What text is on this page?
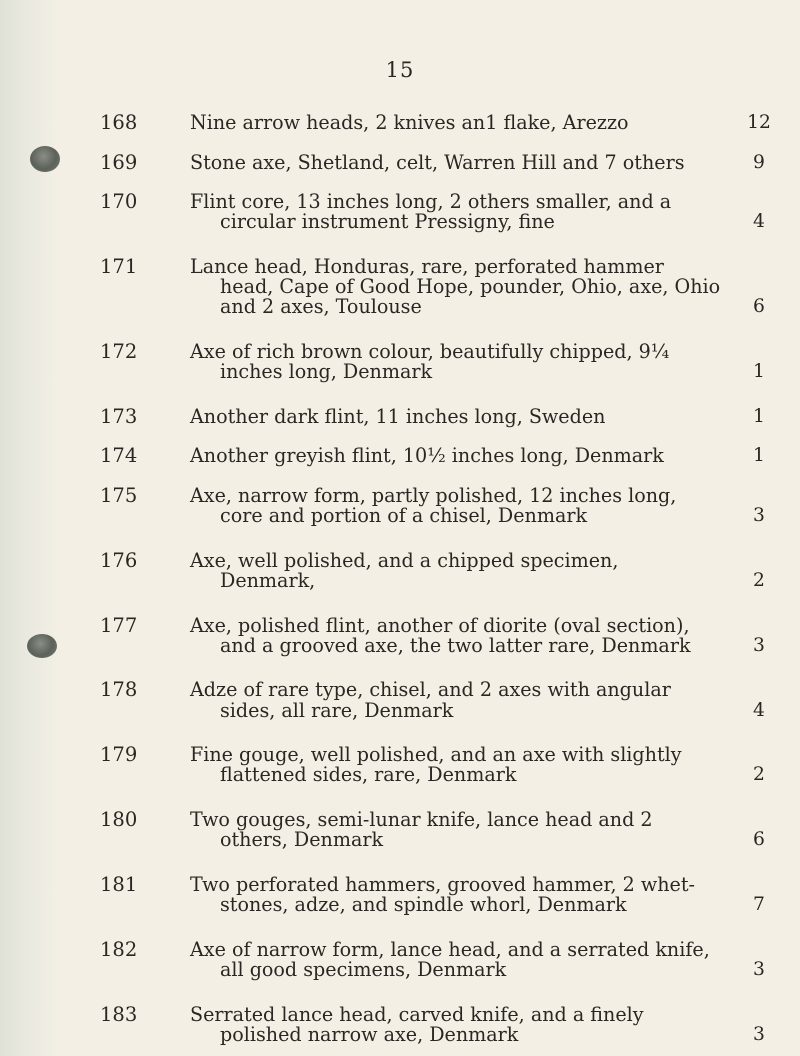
15
168	Nine arrow heads, 2 knives an1 flake, Arezzo	12
169	Stone axe, Shetland, celt, Warren Hill and 7 others	9
170	Flint core, 13 inches long, 2 others smaller, and a
circular instrument Pressigny, fine	4
171	Lance head, Honduras, rare, perforated hammer
head, Cape of Good Hope, pounder, Ohio, axe, Ohio
and 2 axes, Toulouse	6
172	Axe of rich brown colour, beautifully chipped, 9¼
inches long, Denmark	1
173	Another dark flint, 11 inches long, Sweden	1
174	Another greyish flint, 10½ inches long, Denmark	1
175	Axe, narrow form, partly polished, 12 inches long,
core and portion of a chisel, Denmark	3
176	Axe, well polished, and a chipped specimen,
Denmark,	2
177	Axe, polished flint, another of diorite (oval section),
and a grooved axe, the two latter rare, Denmark	3
178	Adze of rare type, chisel, and 2 axes with angular
sides, all rare, Denmark	4
179	Fine gouge, well polished, and an axe with slightly
flattened sides, rare, Denmark	2
180	Two gouges, semi-lunar knife, lance head and 2
others, Denmark	6
181	Two perforated hammers, grooved hammer, 2 whet-
stones, adze, and spindle whorl, Denmark	7
182	Axe of narrow form, lance head, and a serrated knife,
all good specimens, Denmark	3
183	Serrated lance head, carved knife, and a finely
polished narrow axe, Denmark	3
